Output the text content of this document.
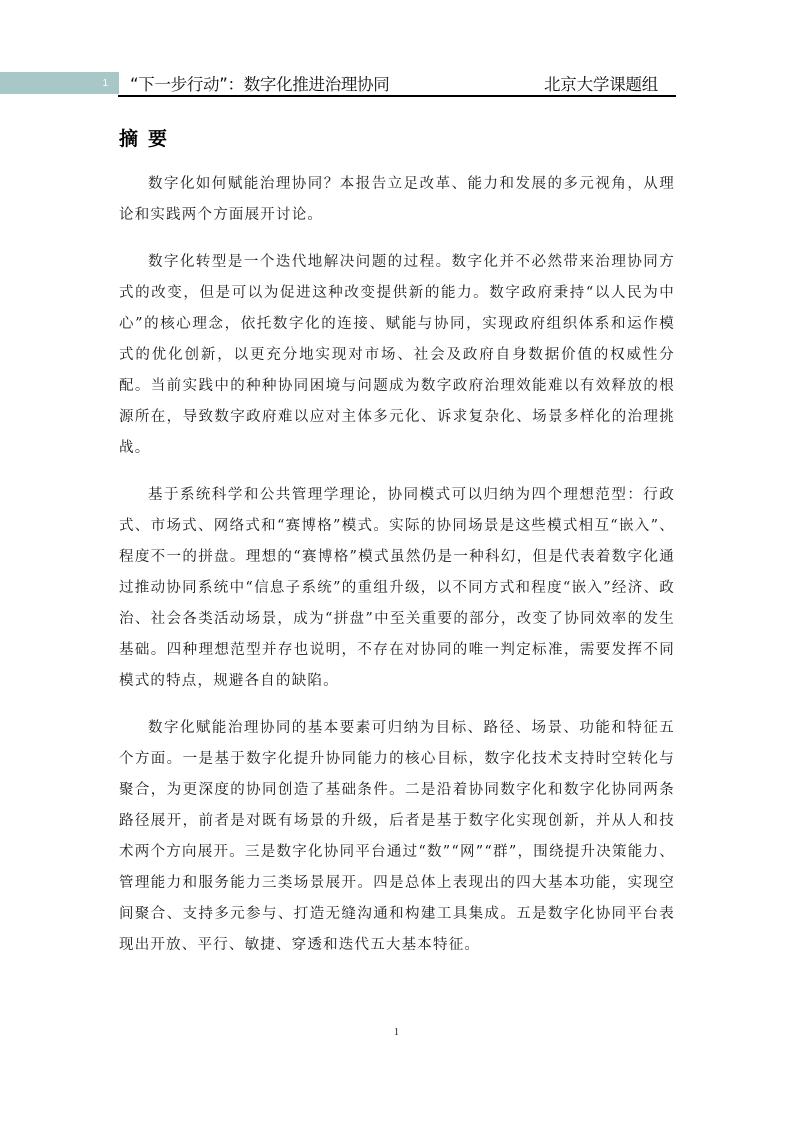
1 “下一步行动”：数字化推进治理协同	北京大学课题组
摘要

数字化如何赋能治理协同？本报告立足改革、能力和发展的多元视角，从理论和实践两个方面展开讨论。

数字化转型是一个迭代地解决问题的过程。数字化并不必然带来治理协同方式的改变，但是可以为促进这种改变提供新的能力。数字政府秉持“以人民为中心”的核心理念，依托数字化的连接、赋能与协同，实现政府组织体系和运作模式的优化创新，以更充分地实现对市场、社会及政府自身数据价值的权威性分配。当前实践中的种种协同困境与问题成为数字政府治理效能难以有效释放的根源所在，导致数字政府难以应对主体多元化、诉求复杂化、场景多样化的治理挑战。

基于系统科学和公共管理学理论，协同模式可以归纳为四个理想范型：行政式、市场式、网络式和“赛博格”模式。实际的协同场景是这些模式相互“嵌入”、程度不一的拼盘。理想的“赛博格”模式虽然仍是一种科幻，但是代表着数字化通过推动协同系统中“信息子系统”的重组升级，以不同方式和程度“嵌入”经济、政治、社会各类活动场景，成为“拼盘”中至关重要的部分，改变了协同效率的发生基础。四种理想范型并存也说明，不存在对协同的唯一判定标准，需要发挥不同模式的特点，规避各自的缺陷。

数字化赋能治理协同的基本要素可归纳为目标、路径、场景、功能和特征五个方面。一是基于数字化提升协同能力的核心目标，数字化技术支持时空转化与聚合，为更深度的协同创造了基础条件。二是沿着协同数字化和数字化协同两条路径展开，前者是对既有场景的升级，后者是基于数字化实现创新，并从人和技术两个方向展开。三是数字化协同平台通过“数”“网”“群”，围绕提升决策能力、管理能力和服务能力三类场景展开。四是总体上表现出的四大基本功能，实现空间聚合、支持多元参与、打造无缝沟通和构建工具集成。五是数字化协同平台表现出开放、平行、敏捷、穿透和迭代五大基本特征。

1
